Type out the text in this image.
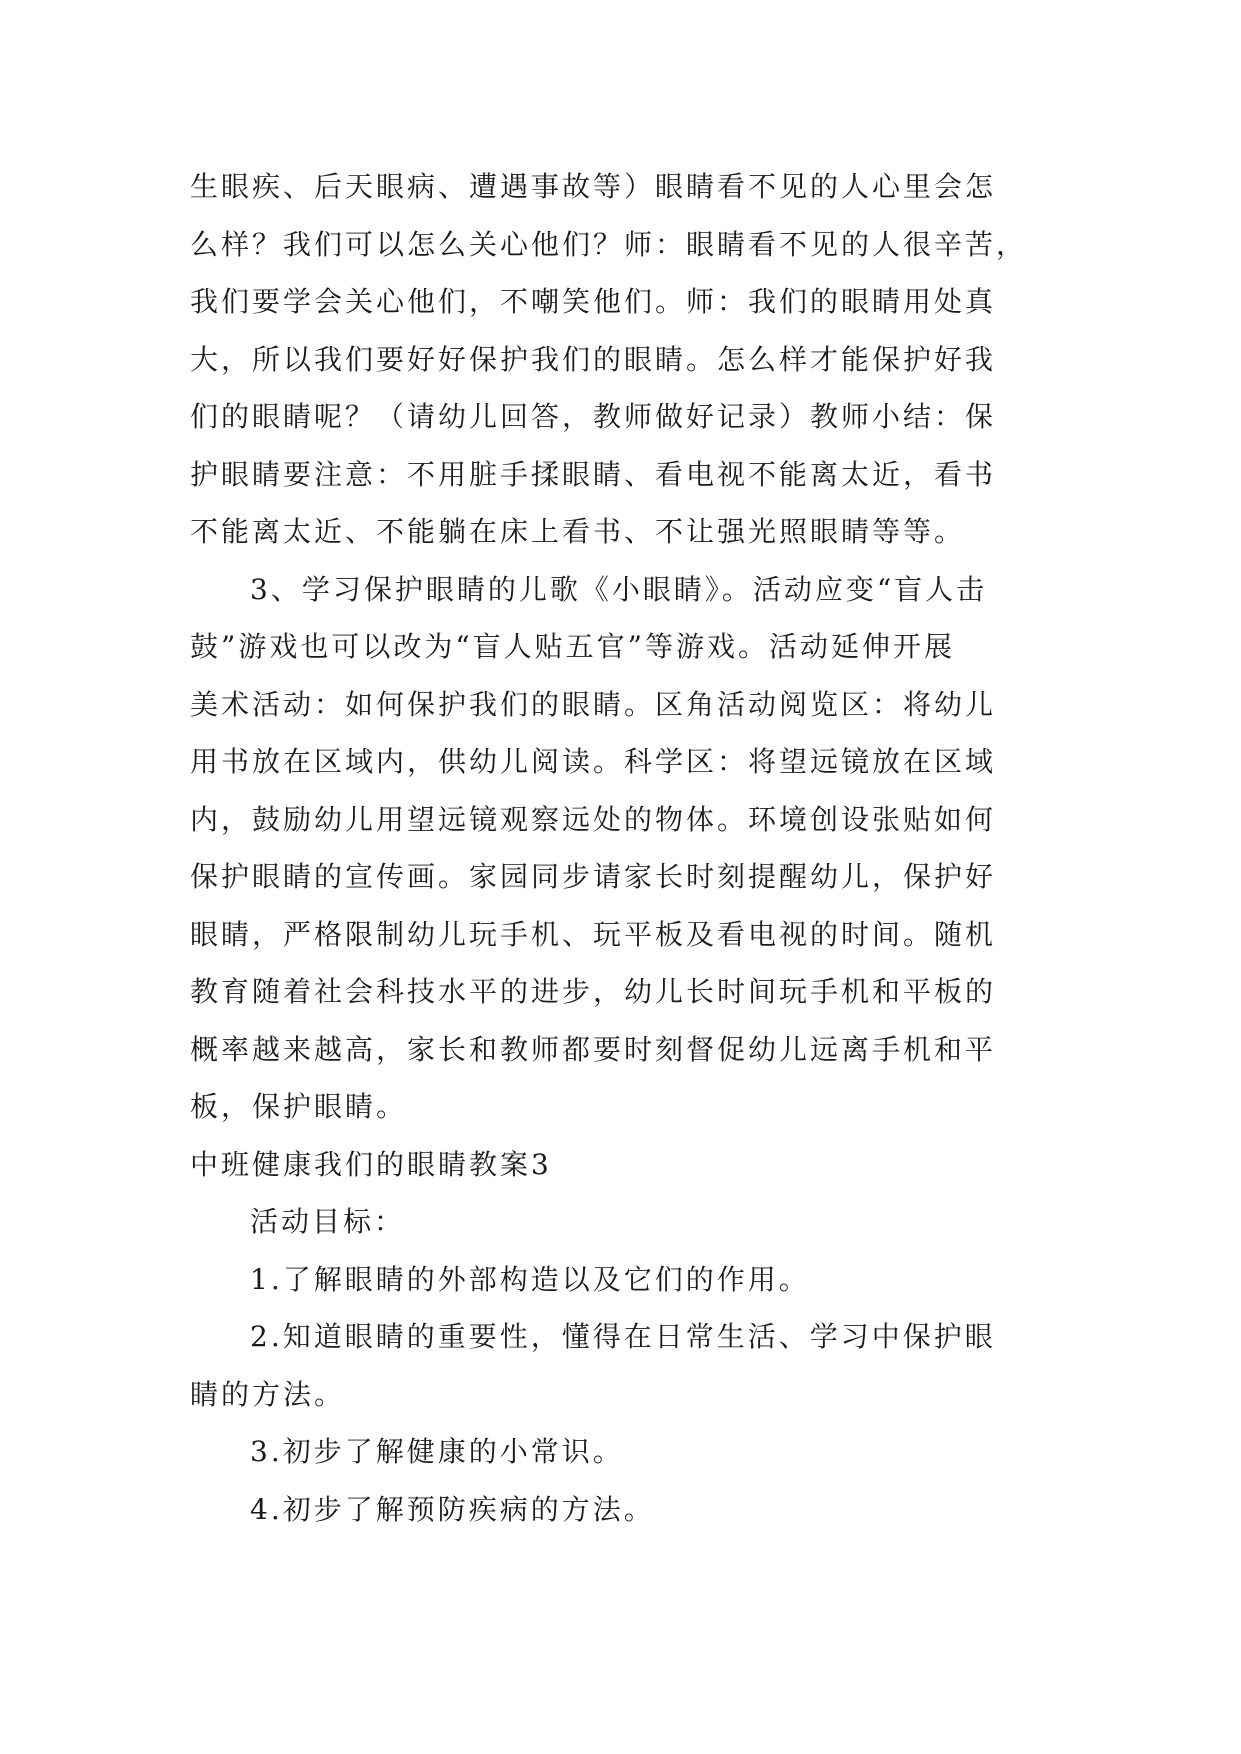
生眼疾、后天眼病、遭遇事故等）眼睛看不见的人心里会怎
么样？我们可以怎么关心他们？师：眼睛看不见的人很辛苦，
我们要学会关心他们，不嘲笑他们。师：我们的眼睛用处真
大，所以我们要好好保护我们的眼睛。怎么样才能保护好我
们的眼睛呢？（请幼儿回答，教师做好记录）教师小结：保
护眼睛要注意：不用脏手揉眼睛、看电视不能离太近，看书
不能离太近、不能躺在床上看书、不让强光照眼睛等等。

3、学习保护眼睛的儿歌《小眼睛》。活动应变“盲人击
鼓”游戏也可以改为“盲人贴五官”等游戏。活动延伸开展
美术活动：如何保护我们的眼睛。区角活动阅览区：将幼儿
用书放在区域内，供幼儿阅读。科学区：将望远镜放在区域
内，鼓励幼儿用望远镜观察远处的物体。环境创设张贴如何
保护眼睛的宣传画。家园同步请家长时刻提醒幼儿，保护好
眼睛，严格限制幼儿玩手机、玩平板及看电视的时间。随机
教育随着社会科技水平的进步，幼儿长时间玩手机和平板的
概率越来越高，家长和教师都要时刻督促幼儿远离手机和平
板，保护眼睛。

中班健康我们的眼睛教案3

活动目标：

1.了解眼睛的外部构造以及它们的作用。

2.知道眼睛的重要性，懂得在日常生活、学习中保护眼
睛的方法。

3.初步了解健康的小常识。

4.初步了解预防疾病的方法。
